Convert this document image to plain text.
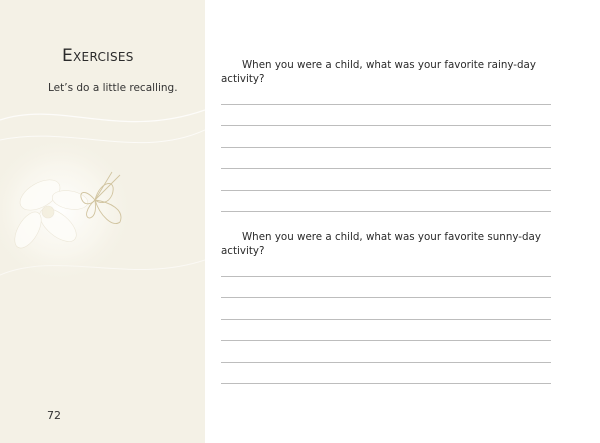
Exercises
Let’s do a little recalling.
72
When you were a child, what was your favorite rainy-day activity?
When you were a child, what was your favorite sunny-day activity?
